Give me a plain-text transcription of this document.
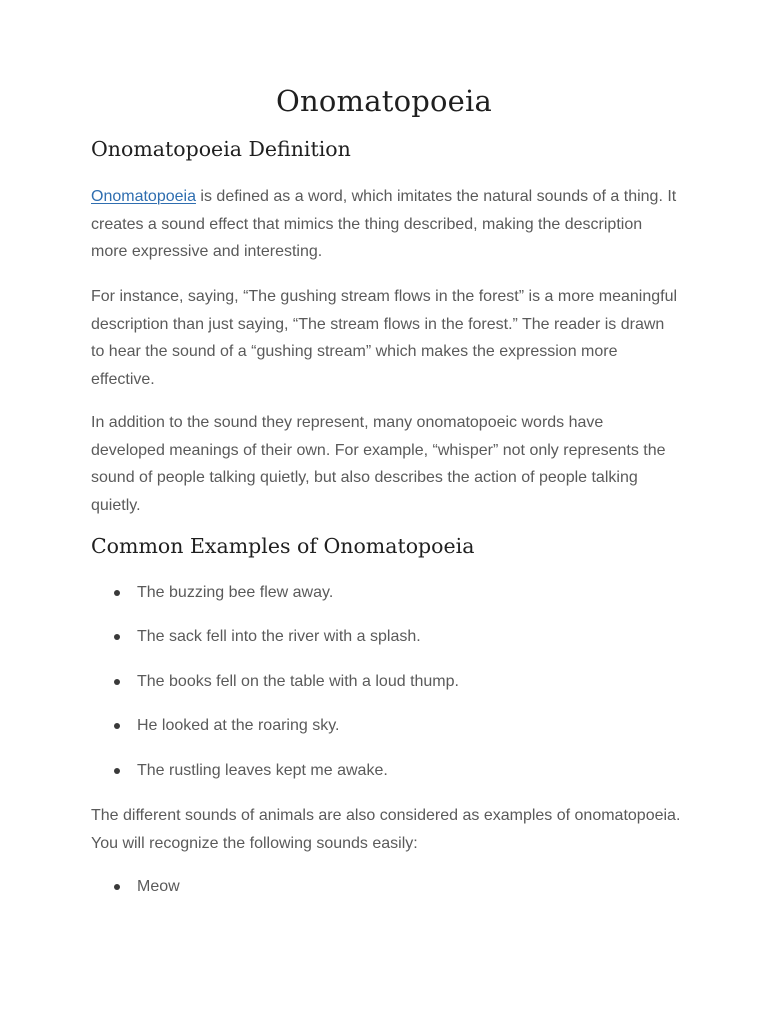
Onomatopoeia
Onomatopoeia Definition

Onomatopoeia is defined as a word, which imitates the natural sounds of a thing. It creates a sound effect that mimics the thing described, making the description more expressive and interesting.

For instance, saying, “The gushing stream flows in the forest” is a more meaningful description than just saying, “The stream flows in the forest.” The reader is drawn to hear the sound of a “gushing stream” which makes the expression more effective.

In addition to the sound they represent, many onomatopoeic words have developed meanings of their own. For example, “whisper” not only represents the sound of people talking quietly, but also describes the action of people talking quietly.

Common Examples of Onomatopoeia
The buzzing bee flew away.
The sack fell into the river with a splash.
The books fell on the table with a loud thump.
He looked at the roaring sky.
The rustling leaves kept me awake.

The different sounds of animals are also considered as examples of onomatopoeia. You will recognize the following sounds easily:

Meow
